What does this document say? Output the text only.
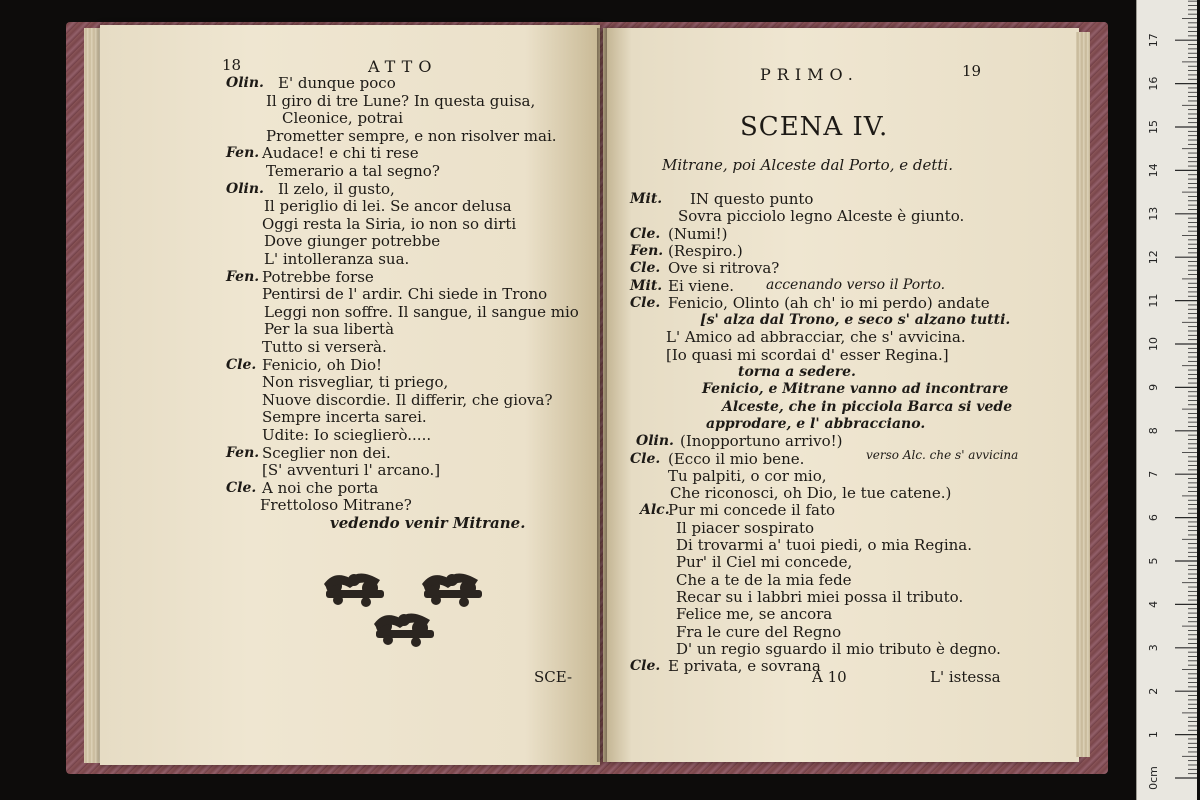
18	ATTO
Olin. E' dunque poco
Il giro di tre Lune? In questa guisa,
Cleonice, potrai
Prometter sempre, e non risolver mai.
Fen. Audace! e chi ti rese
Temerario a tal segno?
Olin. Il zelo, il gusto,
Il periglio di lei. Se ancor delusa
Oggi resta la Siria, io non so dirti
Dove giunger potrebbe
L' intolleranza sua.
Fen. Potrebbe forse
Pentirsi de l' ardir. Chi siede in Trono
Leggi non soffre. Il sangue, il sangue mio
Per la sua libertà
Tutto si verserà.
Cle. Fenicio, oh Dio!
Non risvegliar, ti priego,
Nuove discordie. Il differir, che giova?
Sempre incerta sarei.
Udite: Io scieglierò.....
Fen. Sceglier non dei.
[S' avventuri l' arcano.]
Cle. A noi che porta
Frettoloso Mitrane?
vedendo venir Mitrane.
SCE-
PRIMO.	19
SCENA IV.
Mitrane, poi Alceste dal Porto, e detti.
Mit. IN questo punto
Sovra picciolo legno Alceste è giunto.
Cle. (Numi!)
Fen. (Respiro.)
Cle. Ove si ritrova?
Mit. Ei viene.
Cle. Fenicio, Olinto (ah ch' io mi perdo) andate
[s' alza dal Trono, e seco s' alzano tutti.
L' Amico ad abbracciar, che s' avvicina.
[Io quasi mi scordai d' esser Regina.]
torna a sedere.
Fenicio, e Mitrane vanno ad incontrare
Alceste, che in picciola Barca si vede
approdare, e l' abbracciano.
Olin. (Inopportuno arrivo!)
Cle. (Ecco il mio bene.
Tu palpiti, o cor mio,
Che riconosci, oh Dio, le tue catene.)
Alc.
Pur mi concede il fato
Il piacer sospirato
Di trovarmi a' tuoi piedi, o mia Regina.
Pur' il Ciel mi concede,
Che a te de la mia fede
Recar su i labbri miei possa il tributo.
Felice me, se ancora
Fra le cure del Regno
D' un regio sguardo il mio tributo è degno.
Cle. E privata, e sovrana
accenando verso il Porto.
verso Alc. che s' avvicina
A 10	L' istessa
0cm
1
2
3
4
5
6
7
8
9
10
11
12
13
14
15
16
17
